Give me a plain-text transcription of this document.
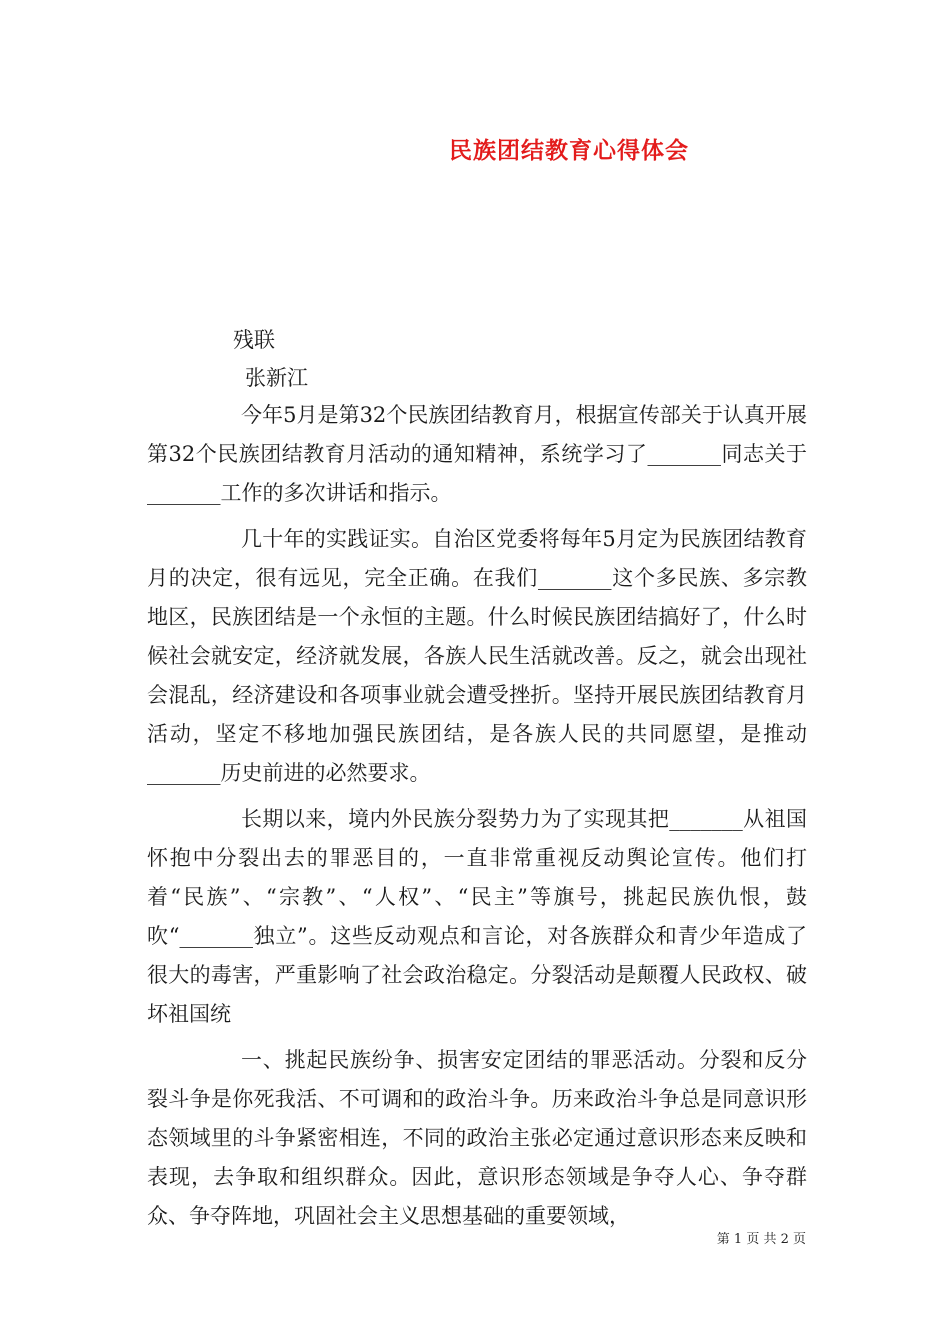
民族团结教育心得体会

残联

张新江

今年5月是第32个民族团结教育月，根据宣传部关于认真开展第32个民族团结教育月活动的通知精神，系统学习了_______同志关于_______工作的多次讲话和指示。

几十年的实践证实。自治区党委将每年5月定为民族团结教育月的决定，很有远见，完全正确。在我们_______这个多民族、多宗教地区，民族团结是一个永恒的主题。什么时候民族团结搞好了，什么时候社会就安定，经济就发展，各族人民生活就改善。反之，就会出现社会混乱，经济建设和各项事业就会遭受挫折。坚持开展民族团结教育月活动，坚定不移地加强民族团结，是各族人民的共同愿望，是推动_______历史前进的必然要求。

长期以来，境内外民族分裂势力为了实现其把_______从祖国怀抱中分裂出去的罪恶目的，一直非常重视反动舆论宣传。他们打着“民族”、“宗教”、“人权”、“民主”等旗号，挑起民族仇恨，鼓吹“_______独立”。这些反动观点和言论，对各族群众和青少年造成了很大的毒害，严重影响了社会政治稳定。分裂活动是颠覆人民政权、破坏祖国统

一、挑起民族纷争、损害安定团结的罪恶活动。分裂和反分裂斗争是你死我活、不可调和的政治斗争。历来政治斗争总是同意识形态领域里的斗争紧密相连，不同的政治主张必定通过意识形态来反映和表现，去争取和组织群众。因此，意识形态领域是争夺人心、争夺群众、争夺阵地，巩固社会主义思想基础的重要领域，

第 1 页 共 2 页
